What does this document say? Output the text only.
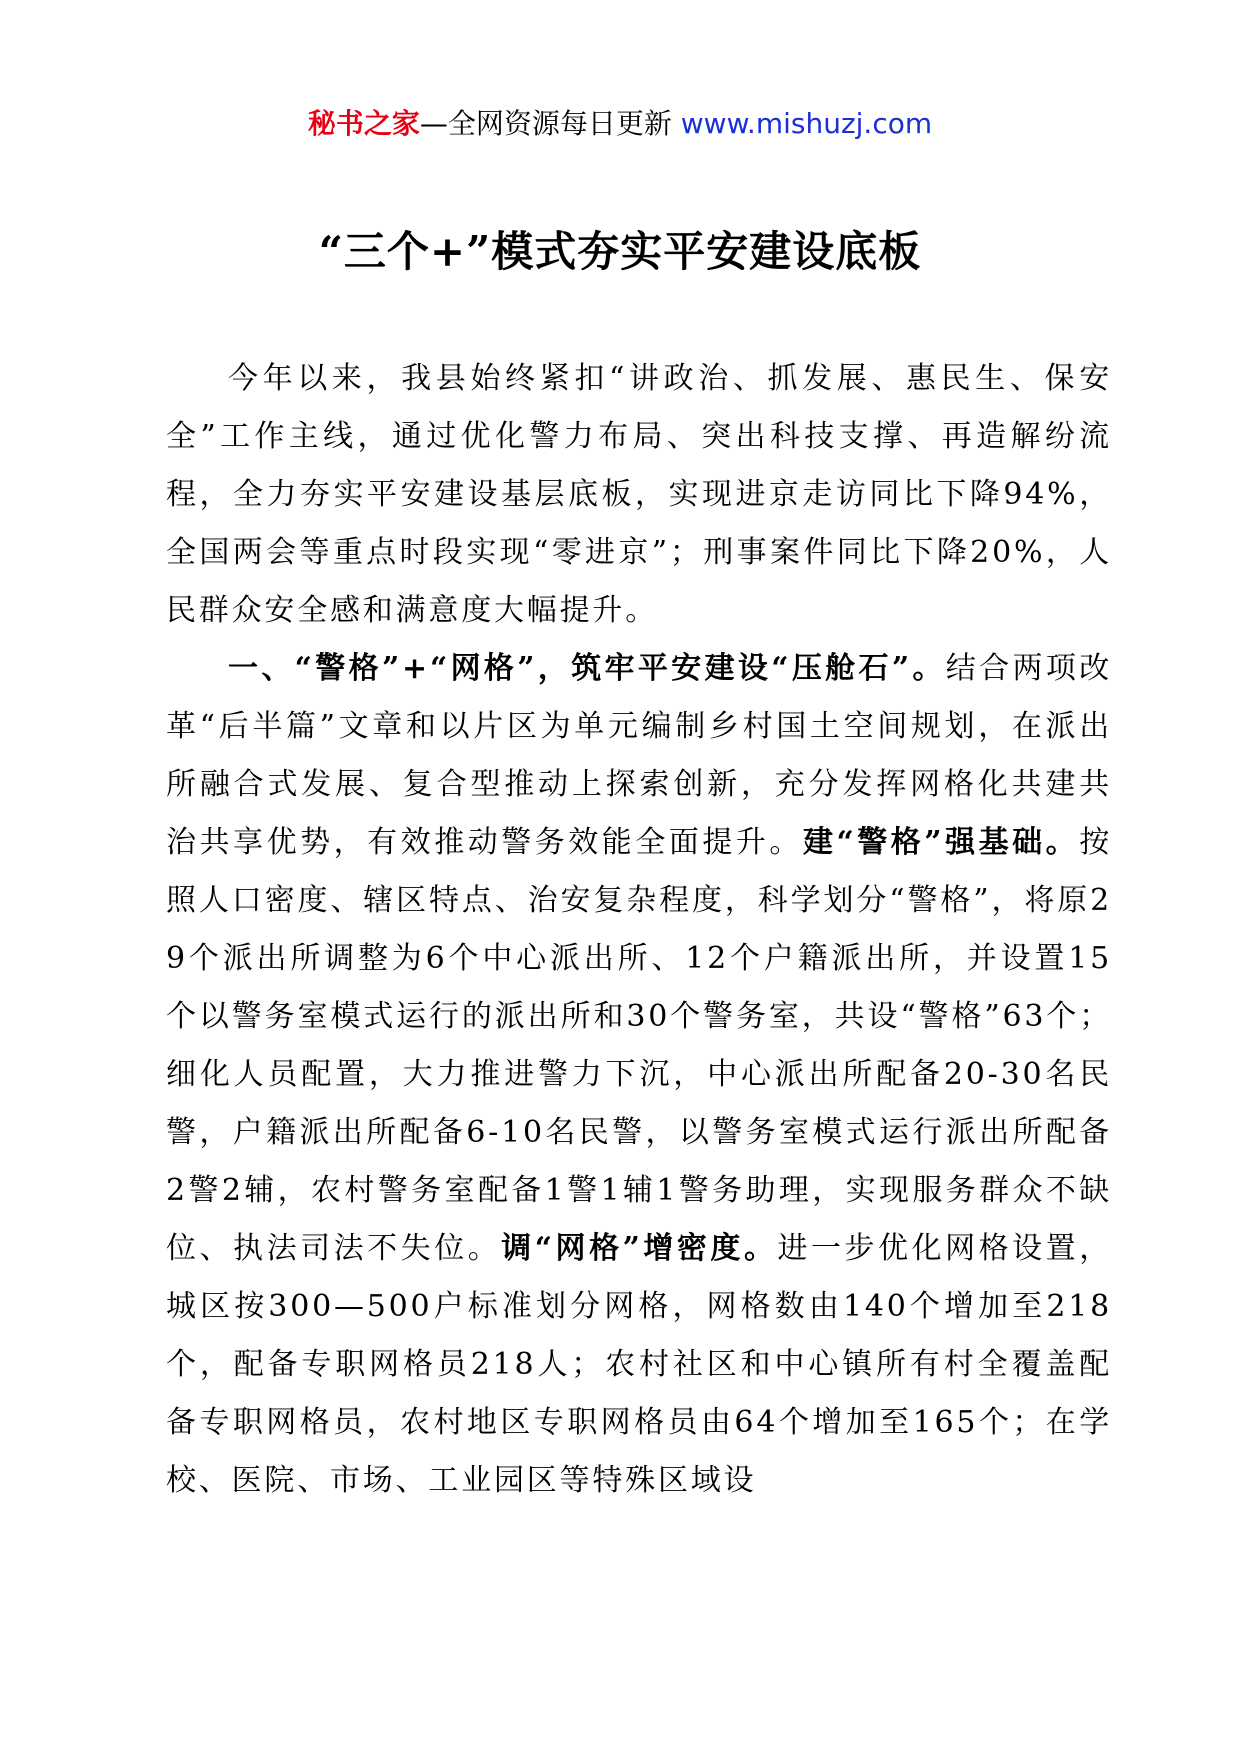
秘书之家—全网资源每日更新 www.mishuzj.com
“三个+”模式夯实平安建设底板

今年以来，我县始终紧扣“讲政治、抓发展、惠民生、保安全”工作主线，通过优化警力布局、突出科技支撑、再造解纷流程，全力夯实平安建设基层底板，实现进京走访同比下降94%，全国两会等重点时段实现“零进京”；刑事案件同比下降20%，人民群众安全感和满意度大幅提升。

一、“警格”+“网格”，筑牢平安建设“压舱石”。结合两项改革“后半篇”文章和以片区为单元编制乡村国土空间规划，在派出所融合式发展、复合型推动上探索创新，充分发挥网格化共建共治共享优势，有效推动警务效能全面提升。建“警格”强基础。按照人口密度、辖区特点、治安复杂程度，科学划分“警格”，将原29个派出所调整为6个中心派出所、12个户籍派出所，并设置15个以警务室模式运行的派出所和30个警务室，共设“警格”63个；细化人员配置，大力推进警力下沉，中心派出所配备20-30名民警，户籍派出所配备6-10名民警，以警务室模式运行派出所配备2警2辅，农村警务室配备1警1辅1警务助理，实现服务群众不缺位、执法司法不失位。调“网格”增密度。进一步优化网格设置，城区按300—500户标准划分网格，网格数由140个增加至218个，配备专职网格员218人；农村社区和中心镇所有村全覆盖配备专职网格员，农村地区专职网格员由64个增加至165个；在学校、医院、市场、工业园区等特殊区域设
